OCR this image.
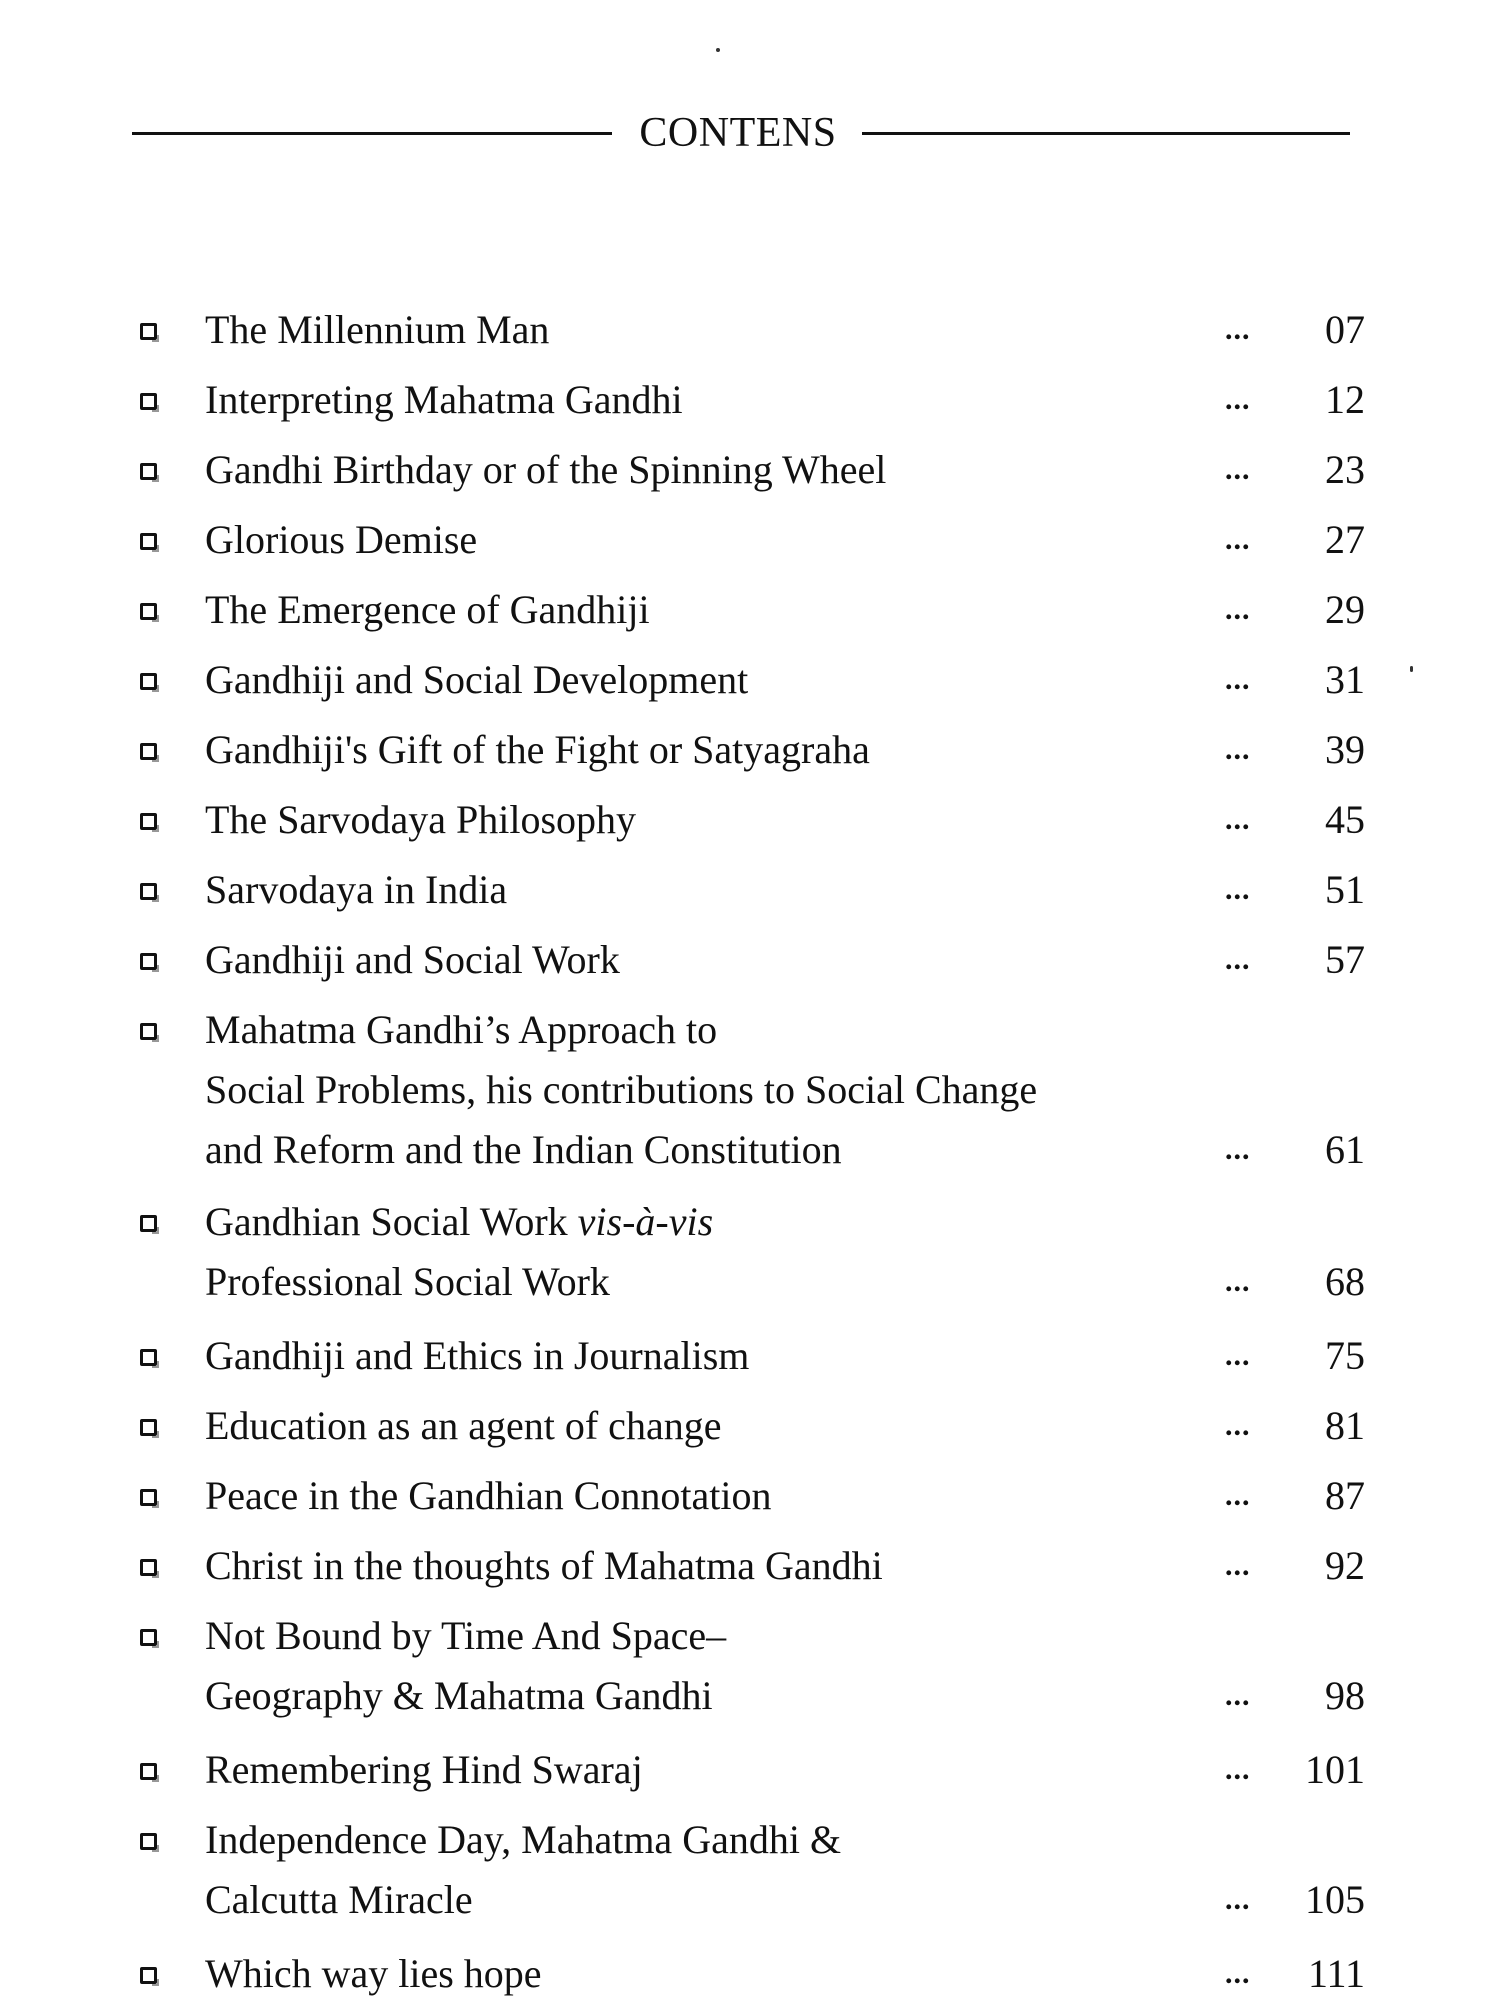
CONTENS
The Millennium Man	...	07
Interpreting Mahatma Gandhi	...	12
Gandhi Birthday or of the Spinning Wheel	...	23
Glorious Demise	...	27
The Emergence of Gandhiji	...	29
Gandhiji and Social Development	...	31
Gandhiji's Gift of the Fight or Satyagraha	...	39
The Sarvodaya Philosophy	...	45
Sarvodaya in India	...	51
Gandhiji and Social Work	...	57
Mahatma Gandhi’s Approach to
Social Problems, his contributions to Social Change
and Reform and the Indian Constitution	...	61
Gandhian Social Work vis-à-vis
Professional Social Work	...	68
Gandhiji and Ethics in Journalism	...	75
Education as an agent of change	...	81
Peace in the Gandhian Connotation	...	87
Christ in the thoughts of Mahatma Gandhi	...	92
Not Bound by Time And Space–
Geography & Mahatma Gandhi	...	98
Remembering Hind Swaraj	...	101
Independence Day, Mahatma Gandhi &
Calcutta Miracle	...	105
Which way lies hope	...	111
